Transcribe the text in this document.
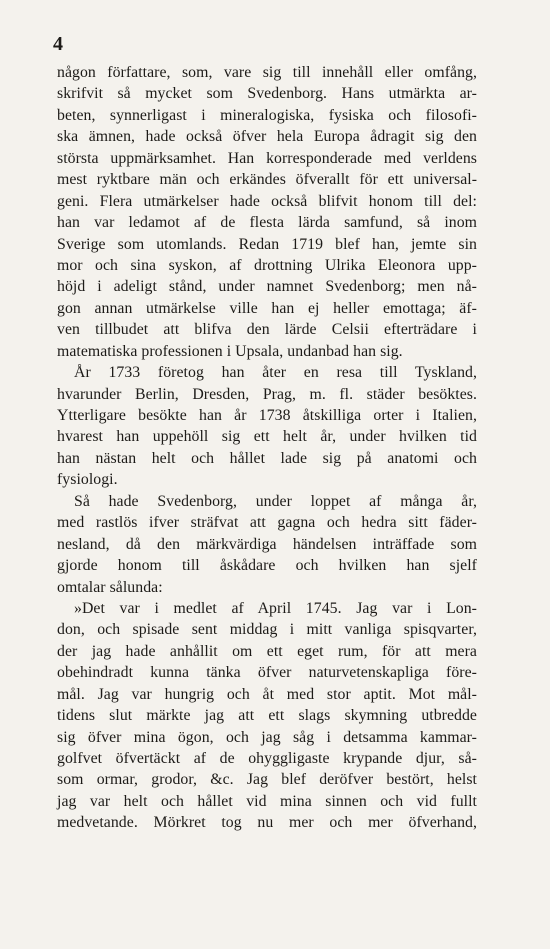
4
någon författare, som, vare sig till innehåll eller omfång,
skrifvit så mycket som Svedenborg. Hans utmärkta ar-
beten, synnerligast i mineralogiska, fysiska och filosofi-
ska ämnen, hade också öfver hela Europa ådragit sig den
största uppmärksamhet. Han korresponderade med verldens
mest ryktbare män och erkändes öfverallt för ett universal-
geni. Flera utmärkelser hade också blifvit honom till del:
han var ledamot af de flesta lärda samfund, så inom
Sverige som utomlands. Redan 1719 blef han, jemte sin
mor och sina syskon, af drottning Ulrika Eleonora upp-
höjd i adeligt stånd, under namnet Svedenborg; men nå-
gon annan utmärkelse ville han ej heller emottaga; äf-
ven tillbudet att blifva den lärde Celsii efterträdare i
matematiska professionen i Upsala, undanbad han sig.
År 1733 företog han åter en resa till Tyskland,
hvarunder Berlin, Dresden, Prag, m. fl. städer besöktes.
Ytterligare besökte han år 1738 åtskilliga orter i Italien,
hvarest han uppehöll sig ett helt år, under hvilken tid
han nästan helt och hållet lade sig på anatomi och
fysiologi.
Så hade Svedenborg, under loppet af många år,
med rastlös ifver sträfvat att gagna och hedra sitt fäder-
nesland, då den märkvärdiga händelsen inträffade som
gjorde honom till åskådare och hvilken han sjelf
omtalar sålunda:
»Det var i medlet af April 1745. Jag var i Lon-
don, och spisade sent middag i mitt vanliga spisqvarter,
der jag hade anhållit om ett eget rum, för att mera
obehindradt kunna tänka öfver naturvetenskapliga före-
mål. Jag var hungrig och åt med stor aptit. Mot mål-
tidens slut märkte jag att ett slags skymning utbredde
sig öfver mina ögon, och jag såg i detsamma kammar-
golfvet öfvertäckt af de ohyggligaste krypande djur, så-
som ormar, grodor, &c. Jag blef deröfver bestört, helst
jag var helt och hållet vid mina sinnen och vid fullt
medvetande. Mörkret tog nu mer och mer öfverhand,
